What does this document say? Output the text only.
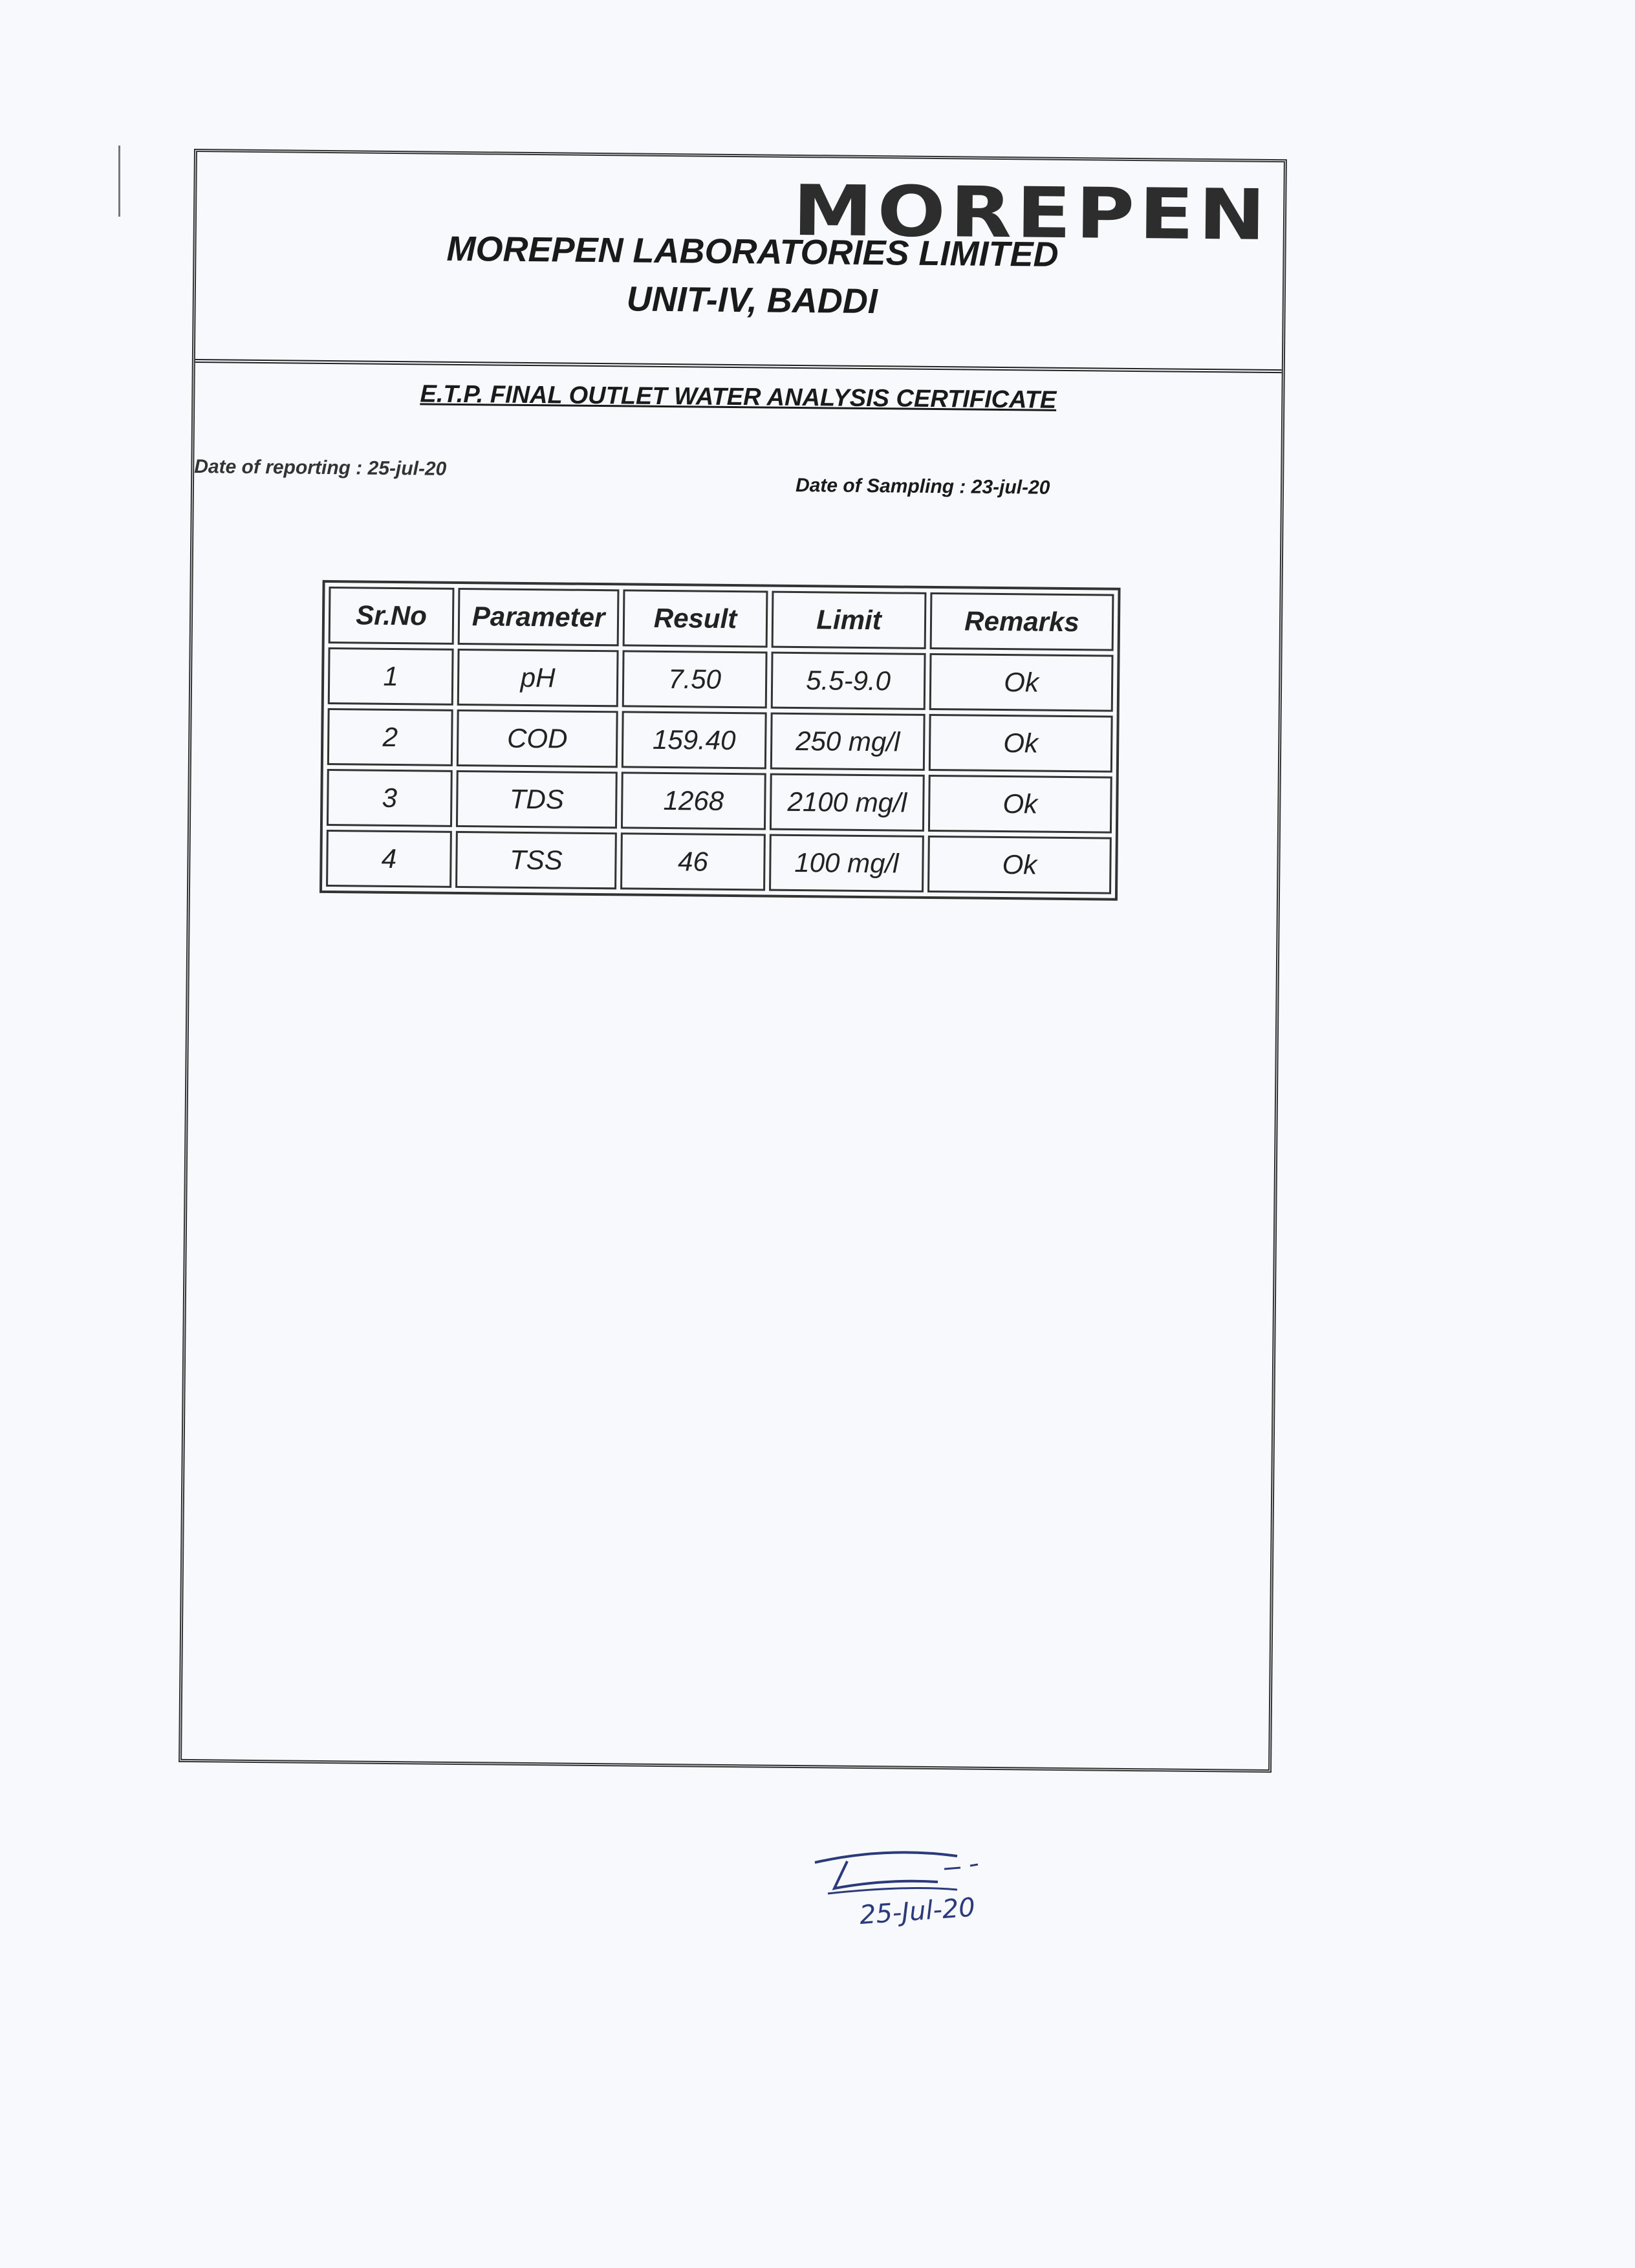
MOREPEN
MOREPEN LABORATORIES LIMITED
UNIT-IV, BADDI
E.T.P. FINAL OUTLET WATER ANALYSIS CERTIFICATE
Date of reporting : 25-jul-20
Date of Sampling : 23-jul-20
Sr.No	Parameter	Result	Limit	Remarks
1	pH	7.50	5.5-9.0	Ok
2	COD	159.40	250 mg/l	Ok
3	TDS	1268	2100 mg/l	Ok
4	TSS	46	100 mg/l	Ok
25-Jul-20
